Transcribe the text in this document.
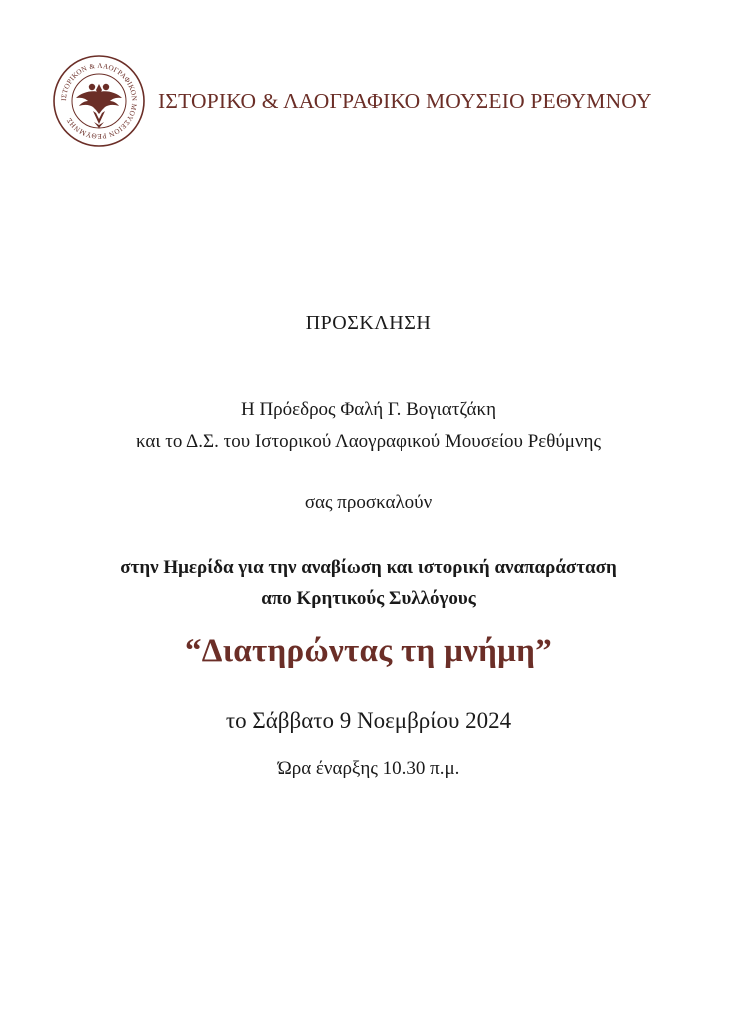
ΙΣΤΟΡΙΚΟΝ & ΛΑΟΓΡΑΦΙΚΟΝ ΜΟΥΣΕΙΟΝ ΡΕΘΥΜΝΗΣ
ΙΣΤΟΡΙΚΟ & ΛΑΟΓΡΑΦΙΚΟ ΜΟΥΣΕΙΟ ΡΕΘΥΜΝΟΥ
ΠΡΟΣΚΛΗΣΗ
Η Πρόεδρος Φαλή Γ. Βογιατζάκη
και το Δ.Σ. του Ιστορικού Λαογραφικού Μουσείου Ρεθύμνης
σας προσκαλούν
στην Ημερίδα για την αναβίωση και ιστορική αναπαράσταση
απο Κρητικούς Συλλόγους
“Διατηρώντας τη μνήμη”
το Σάββατο 9 Νοεμβρίου 2024
Ώρα έναρξης 10.30 π.μ.
